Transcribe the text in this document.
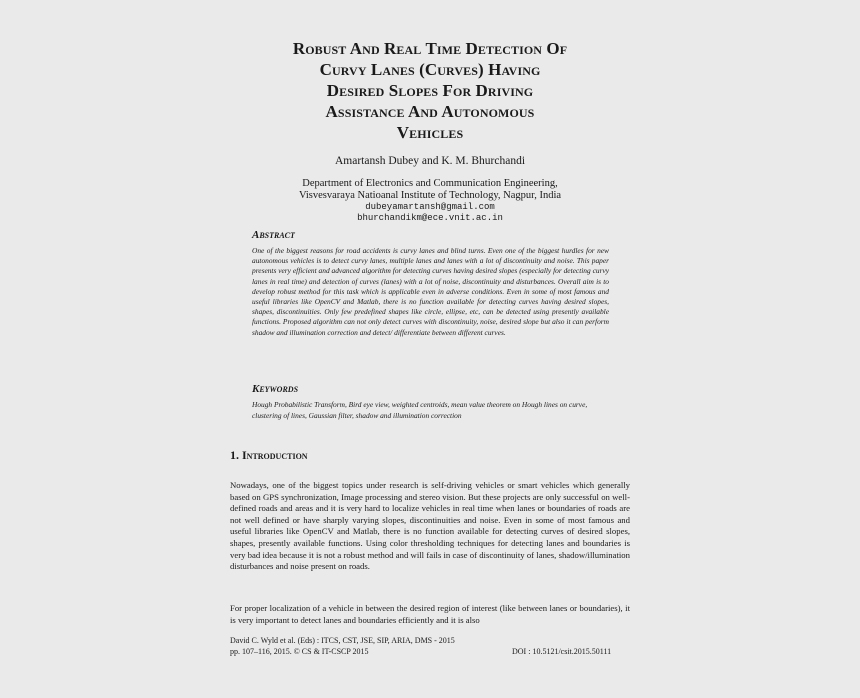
Robust And Real Time Detection Of
Curvy Lanes (Curves) Having
Desired Slopes For Driving
Assistance And Autonomous
Vehicles
Amartansh Dubey and K. M. Bhurchandi
Department of Electronics and Communication Engineering,
Visvesvaraya Natioanal Institute of Technology, Nagpur, India
dubeyamartansh@gmail.com
bhurchandikm@ece.vnit.ac.in
Abstract
One of the biggest reasons for road accidents is curvy lanes and blind turns. Even one of the biggest hurdles for new autonomous vehicles is to detect curvy lanes, multiple lanes and lanes with a lot of discontinuity and noise. This paper presents very efficient and advanced algorithm for detecting curves having desired slopes (especially for detecting curvy lanes in real time) and detection of curves (lanes) with a lot of noise, discontinuity and disturbances. Overall aim is to develop robust method for this task which is applicable even in adverse conditions. Even in some of most famous and useful libraries like OpenCV and Matlab, there is no function available for detecting curves having desired slopes, shapes, discontinuities. Only few predefined shapes like circle, ellipse, etc, can be detected using presently available functions. Proposed algorithm can not only detect curves with discontinuity, noise, desired slope but also it can perform shadow and illumination correction and detect/ differentiate between different curves.
Keywords
Hough Probabilistic Transform, Bird eye view, weighted centroids, mean value theorem on Hough lines on curve, clustering of lines, Gaussian filter, shadow and illumination correction
1. Introduction
Nowadays, one of the biggest topics under research is self-driving vehicles or smart vehicles which generally based on GPS synchronization, Image processing and stereo vision. But these projects are only successful on well-defined roads and areas and it is very hard to localize vehicles in real time when lanes or boundaries of roads are not well defined or have sharply varying slopes, discontinuities and noise. Even in some of most famous and useful libraries like OpenCV and Matlab, there is no function available for detecting curves of desired slopes, shapes, presently available functions. Using color thresholding techniques for detecting lanes and boundaries is very bad idea because it is not a robust method and will fails in case of discontinuity of lanes, shadow/illumination disturbances and noise present on roads.
For proper localization of a vehicle in between the desired region of interest (like between lanes or boundaries), it is very important to detect lanes and boundaries efficiently and it is also
David C. Wyld et al. (Eds) : ITCS, CST, JSE, SIP, ARIA, DMS - 2015
pp. 107–116, 2015. © CS & IT-CSCP 2015	DOI : 10.5121/csit.2015.50111
